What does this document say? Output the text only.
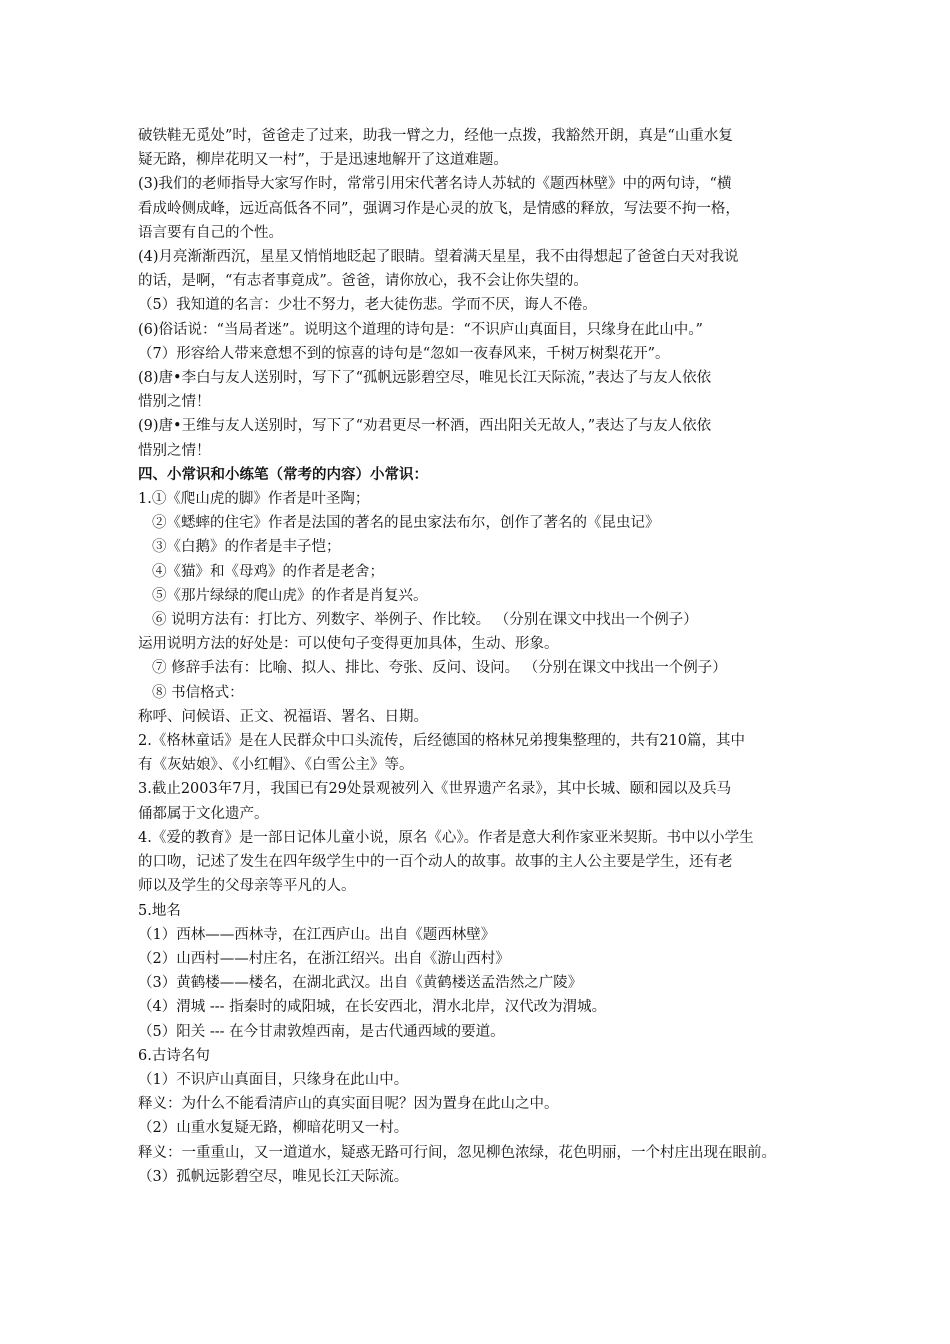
破铁鞋无觅处”时，爸爸走了过来，助我一臂之力，经他一点拨，我豁然开朗，真是“山重水复
疑无路，柳岸花明又一村”，于是迅速地解开了这道难题。
(3)我们的老师指导大家写作时，常常引用宋代著名诗人苏轼的《题西林壁》中的两句诗，“横
看成岭侧成峰，远近高低各不同”，强调习作是心灵的放飞，是情感的释放，写法要不拘一格，
语言要有自己的个性。
(4)月亮渐渐西沉，星星又悄悄地眨起了眼睛。望着满天星星，我不由得想起了爸爸白天对我说
的话，是啊，“有志者事竟成”。爸爸，请你放心，我不会让你失望的。
（5）我知道的名言：少壮不努力，老大徒伤悲。学而不厌，诲人不倦。
(6)俗话说：“当局者迷”。说明这个道理的诗句是：“不识庐山真面目，只缘身在此山中。”
（7）形容给人带来意想不到的惊喜的诗句是“忽如一夜春风来，千树万树梨花开”。
(8)唐•李白与友人送别时，写下了“孤帆远影碧空尽，唯见长江天际流，”表达了与友人依依
惜别之情！
(9)唐•王维与友人送别时，写下了“劝君更尽一杯酒，西出阳关无故人，”表达了与友人依依
惜别之情！
四、小常识和小练笔（常考的内容）小常识：
1.①《爬山虎的脚》作者是叶圣陶；
②《蟋蟀的住宅》作者是法国的著名的昆虫家法布尔，创作了著名的《昆虫记》
③《白鹅》的作者是丰子恺；
④《猫》和《母鸡》的作者是老舍；
⑤《那片绿绿的爬山虎》的作者是肖复兴。
⑥ 说明方法有：打比方、列数字、举例子、作比较。 （分别在课文中找出一个例子）
运用说明方法的好处是：可以使句子变得更加具体，生动、形象。
⑦ 修辞手法有：比喻、拟人、排比、夸张、反问、设问。 （分别在课文中找出一个例子）
⑧ 书信格式：
称呼、问候语、正文、祝福语、署名、日期。
2.《格林童话》是在人民群众中口头流传，后经德国的格林兄弟搜集整理的，共有210篇，其中
有《灰姑娘》、《小红帽》、《白雪公主》等。
3.截止2003年7月，我国已有29处景观被列入《世界遗产名录》，其中长城、颐和园以及兵马
俑都属于文化遗产。
4.《爱的教育》是一部日记体儿童小说，原名《心》。作者是意大利作家亚米契斯。书中以小学生
的口吻，记述了发生在四年级学生中的一百个动人的故事。故事的主人公主要是学生，还有老
师以及学生的父母亲等平凡的人。
5.地名
（1）西林——西林寺，在江西庐山。出自《题西林壁》
（2）山西村——村庄名，在浙江绍兴。出自《游山西村》
（3）黄鹤楼——楼名，在湖北武汉。出自《黄鹤楼送孟浩然之广陵》
（4）渭城 --- 指秦时的咸阳城，在长安西北，渭水北岸，汉代改为渭城。
（5）阳关 --- 在今甘肃敦煌西南，是古代通西域的要道。
6.古诗名句
（1）不识庐山真面目，只缘身在此山中。
释义：为什么不能看清庐山的真实面目呢？因为置身在此山之中。
（2）山重水复疑无路，柳暗花明又一村。
释义：一重重山，又一道道水，疑惑无路可行间，忽见柳色浓绿，花色明丽，一个村庄出现在眼前。
（3）孤帆远影碧空尽，唯见长江天际流。
